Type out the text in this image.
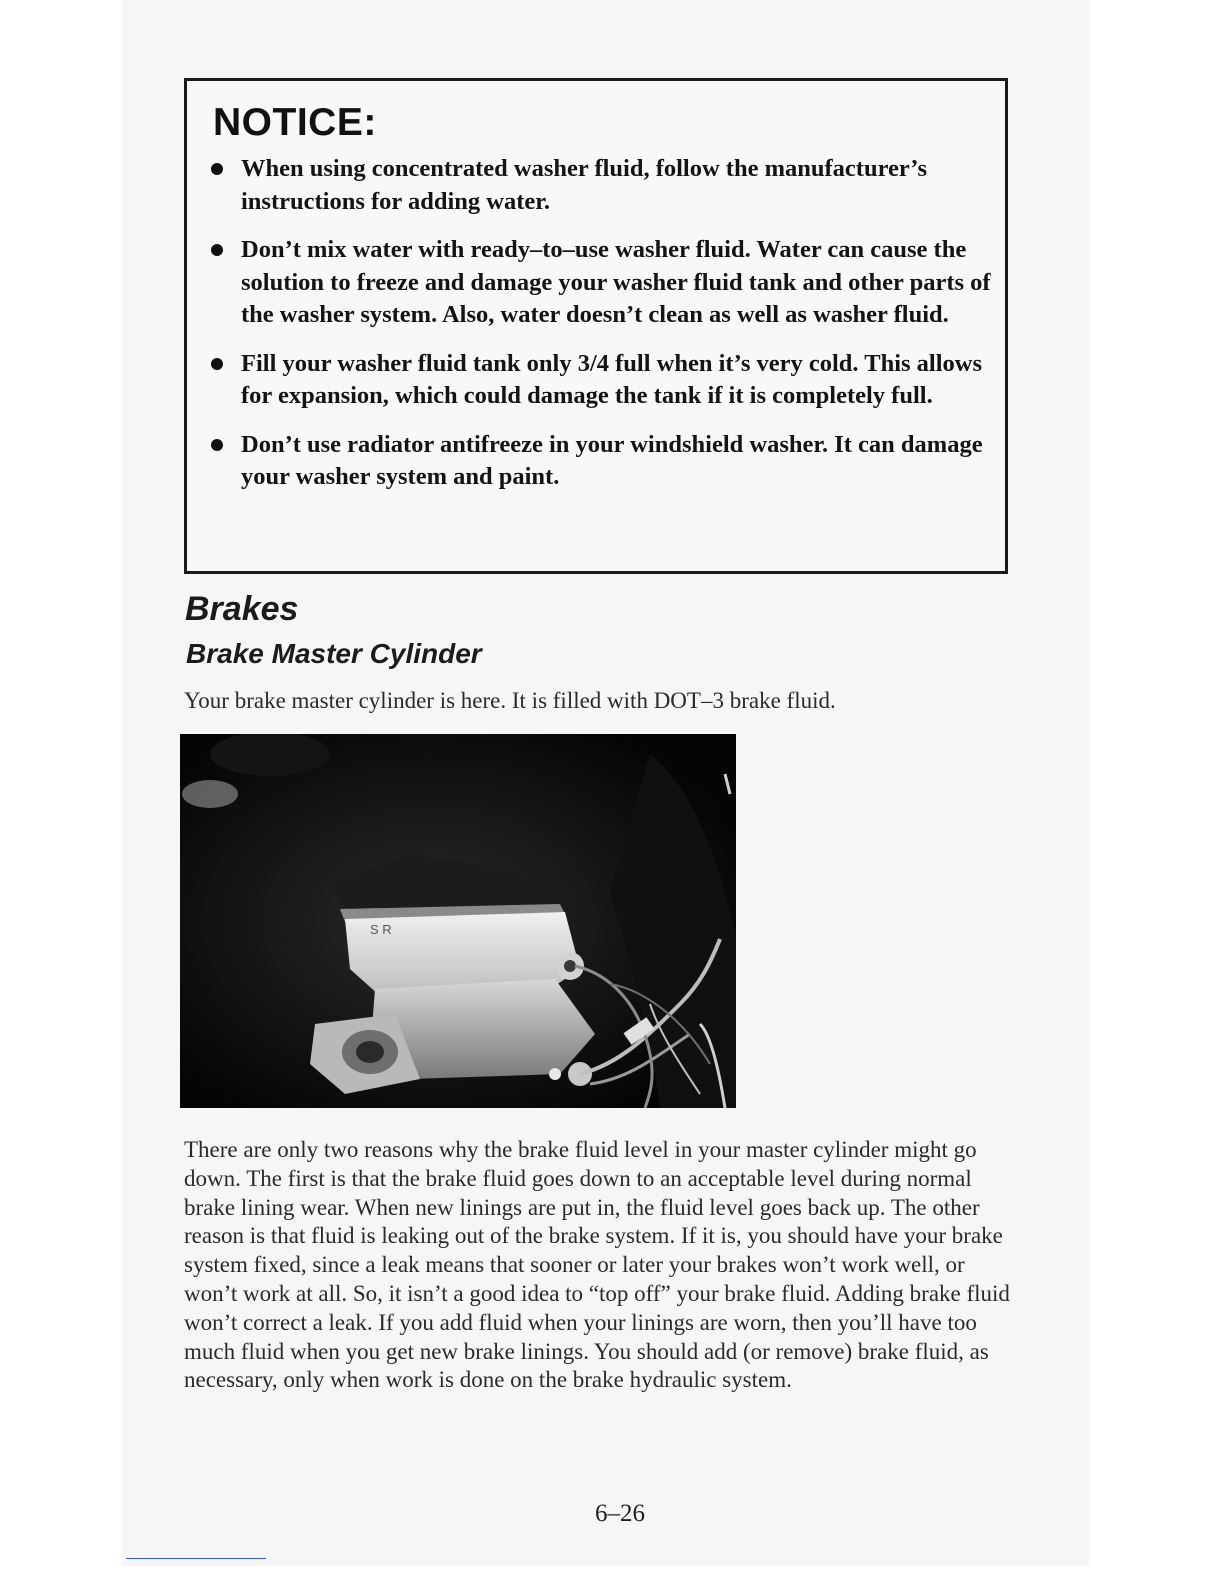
NOTICE:
When using concentrated washer fluid, follow the manufacturer’s instructions for adding water.
Don’t mix water with ready–to–use washer fluid. Water can cause the solution to freeze and damage your washer fluid tank and other parts of the washer system. Also, water doesn’t clean as well as washer fluid.
Fill your washer fluid tank only 3/4 full when it’s very cold. This allows for expansion, which could damage the tank if it is completely full.
Don’t use radiator antifreeze in your windshield washer. It can damage your washer system and paint.
Brakes
Brake Master Cylinder

Your brake master cylinder is here. It is filled with DOT–3 brake fluid.

S R

There are only two reasons why the brake fluid level in your master cylinder might go down. The first is that the brake fluid goes down to an acceptable level during normal brake lining wear. When new linings are put in, the fluid level goes back up. The other reason is that fluid is leaking out of the brake system. If it is, you should have your brake system fixed, since a leak means that sooner or later your brakes won’t work well, or won’t work at all. So, it isn’t a good idea to “top off” your brake fluid. Adding brake fluid won’t correct a leak. If you add fluid when your linings are worn, then you’ll have too much fluid when you get new brake linings. You should add (or remove) brake fluid, as necessary, only when work is done on the brake hydraulic system.

6–26
